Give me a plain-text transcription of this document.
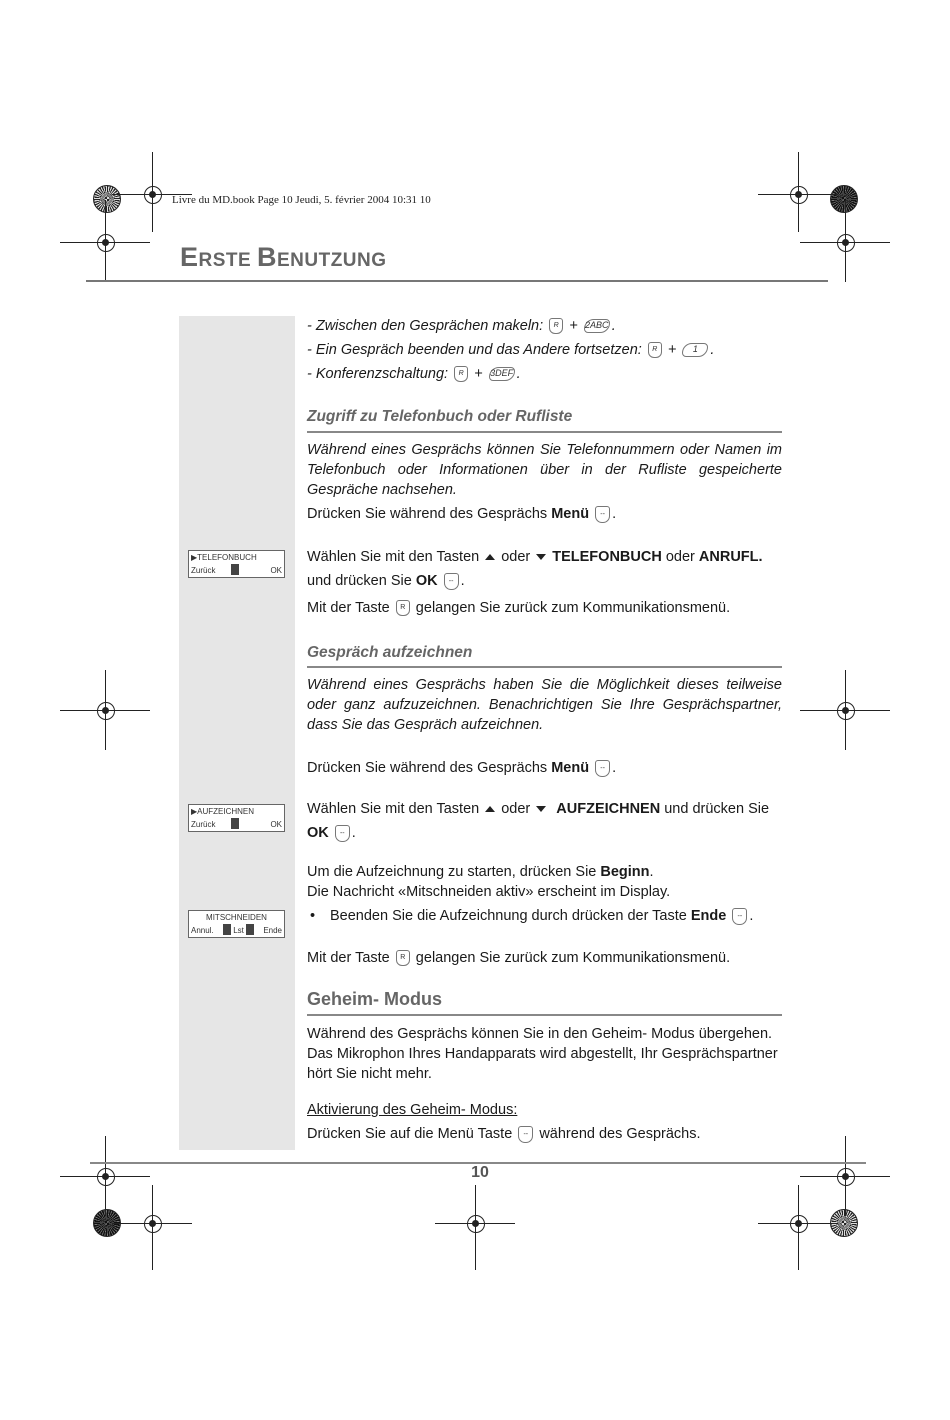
Livre du MD.book Page 10 Jeudi, 5. février 2004 10:31 10
ERSTE BENUTZUNG
▶TELEFONBUCH
Zurück	OK
▶AUFZEICHNEN
Zurück	OK
MITSCHNEIDEN
Annul.	Lst	Ende
- Zwischen den Gesprächen makeln: R + 2ABC .
- Ein Gespräch beenden und das Andere fortsetzen: R + 1 .
- Konferenzschaltung: R + 3DEF .
Zugriff zu Telefonbuch oder Rufliste
Während eines Gesprächs können Sie Telefonnummern oder Namen im Telefonbuch oder Informationen über in der Rufliste gespeicherte Gespräche nachsehen.
Drücken Sie während des Gesprächs Menü -- .
Wählen Sie mit den Tasten oder TELEFONBUCH oder ANRUFL.
und drücken Sie OK -- .
Mit der Taste R gelangen Sie zurück zum Kommunikationsmenü.
Gespräch aufzeichnen
Während eines Gesprächs haben Sie die Möglichkeit dieses teilweise oder ganz aufzuzeichnen. Benachrichtigen Sie Ihre Gesprächspartner, dass Sie das Gespräch aufzeichnen.
Drücken Sie während des Gesprächs Menü -- .
Wählen Sie mit den Tasten oder AUFZEICHNEN und drücken Sie
OK -- .
Um die Aufzeichnung zu starten, drücken Sie Beginn.
Die Nachricht «Mitschneiden aktiv» erscheint im Display.
• Beenden Sie die Aufzeichnung durch drücken der Taste Ende -- .
Mit der Taste R gelangen Sie zurück zum Kommunikationsmenü.
Geheim- Modus
Während des Gesprächs können Sie in den Geheim- Modus übergehen. Das Mikrophon Ihres Handapparats wird abgestellt, Ihr Gesprächspartner hört Sie nicht mehr.
Aktivierung des Geheim- Modus:
Drücken Sie auf die Menü Taste -- während des Gesprächs.
10
